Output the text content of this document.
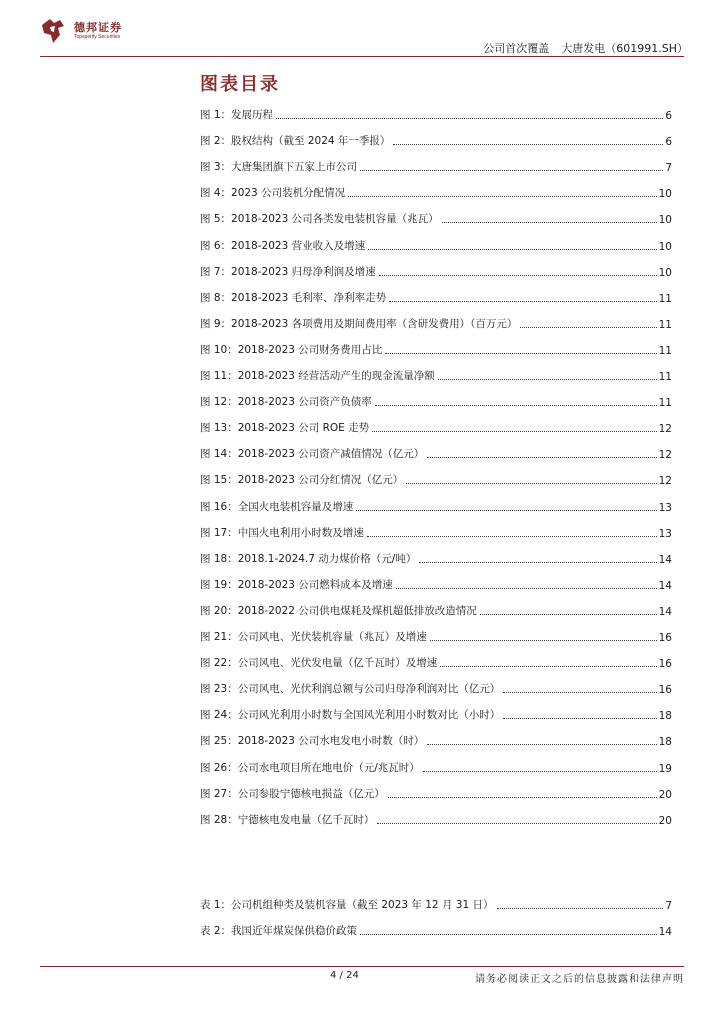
德邦证券
Topsperity Securities
公司首次覆盖 大唐发电（601991.SH）
图表目录
图 1：发展历程	6
图 2：股权结构（截至 2024 年一季报）	6
图 3：大唐集团旗下五家上市公司	7
图 4：2023 公司装机分配情况	10
图 5：2018-2023 公司各类发电装机容量（兆瓦）	10
图 6：2018-2023 营业收入及增速	10
图 7：2018-2023 归母净利润及增速	10
图 8：2018-2023 毛利率、净利率走势	11
图 9：2018-2023 各项费用及期间费用率（含研发费用）（百万元）	11
图 10：2018-2023 公司财务费用占比	11
图 11：2018-2023 经营活动产生的现金流量净额	11
图 12：2018-2023 公司资产负债率	11
图 13：2018-2023 公司 ROE 走势	12
图 14：2018-2023 公司资产减值情况（亿元）	12
图 15：2018-2023 公司分红情况（亿元）	12
图 16：全国火电装机容量及增速	13
图 17：中国火电利用小时数及增速	13
图 18：2018.1-2024.7 动力煤价格（元/吨）	14
图 19：2018-2023 公司燃料成本及增速	14
图 20：2018-2022 公司供电煤耗及煤机超低排放改造情况	14
图 21：公司风电、光伏装机容量（兆瓦）及增速	16
图 22：公司风电、光伏发电量（亿千瓦时）及增速	16
图 23：公司风电、光伏利润总额与公司归母净利润对比（亿元）	16
图 24：公司风光利用小时数与全国风光利用小时数对比（小时）	18
图 25：2018-2023 公司水电发电小时数（时）	18
图 26：公司水电项目所在地电价（元/兆瓦时）	19
图 27：公司参股宁德核电损益（亿元）	20
图 28：宁德核电发电量（亿千瓦时）	20
表 1：公司机组种类及装机容量（截至 2023 年 12 月 31 日）	7
表 2：我国近年煤炭保供稳价政策	14
4 / 24	请务必阅读正文之后的信息披露和法律声明
